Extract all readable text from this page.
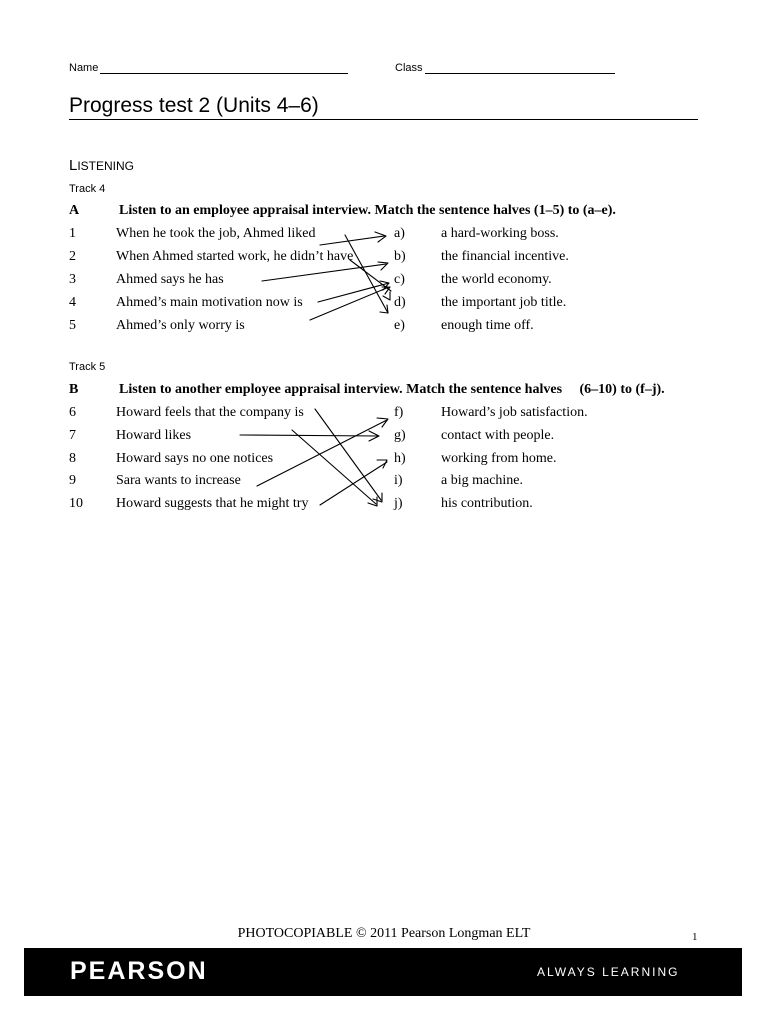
Name	Class
Progress test 2 (Units 4–6)
LISTENING
Track 4
A	Listen to an employee appraisal interview. Match the sentence halves (1–5) to (a–e).
1	When he took the job, Ahmed liked	a)	a hard-working boss.
2	When Ahmed started work, he didn’t have	b)	the financial incentive.
3	Ahmed says he has	c)	the world economy.
4	Ahmed’s main motivation now is	d)	the important job title.
5	Ahmed’s only worry is	e)	enough time off.
Track 5
B	Listen to another employee appraisal interview. Match the sentence halves     (6–10) to (f–j).
6	Howard feels that the company is	f)	Howard’s job satisfaction.
7	Howard likes	g)	contact with people.
8	Howard says no one notices	h)	working from home.
9	Sara wants to increase	i)	a big machine.
10 Howard suggests that he might try	j)	his contribution.
PHOTOCOPIABLE © 2011 Pearson Longman ELT	1
PEARSON	ALWAYS LEARNING
